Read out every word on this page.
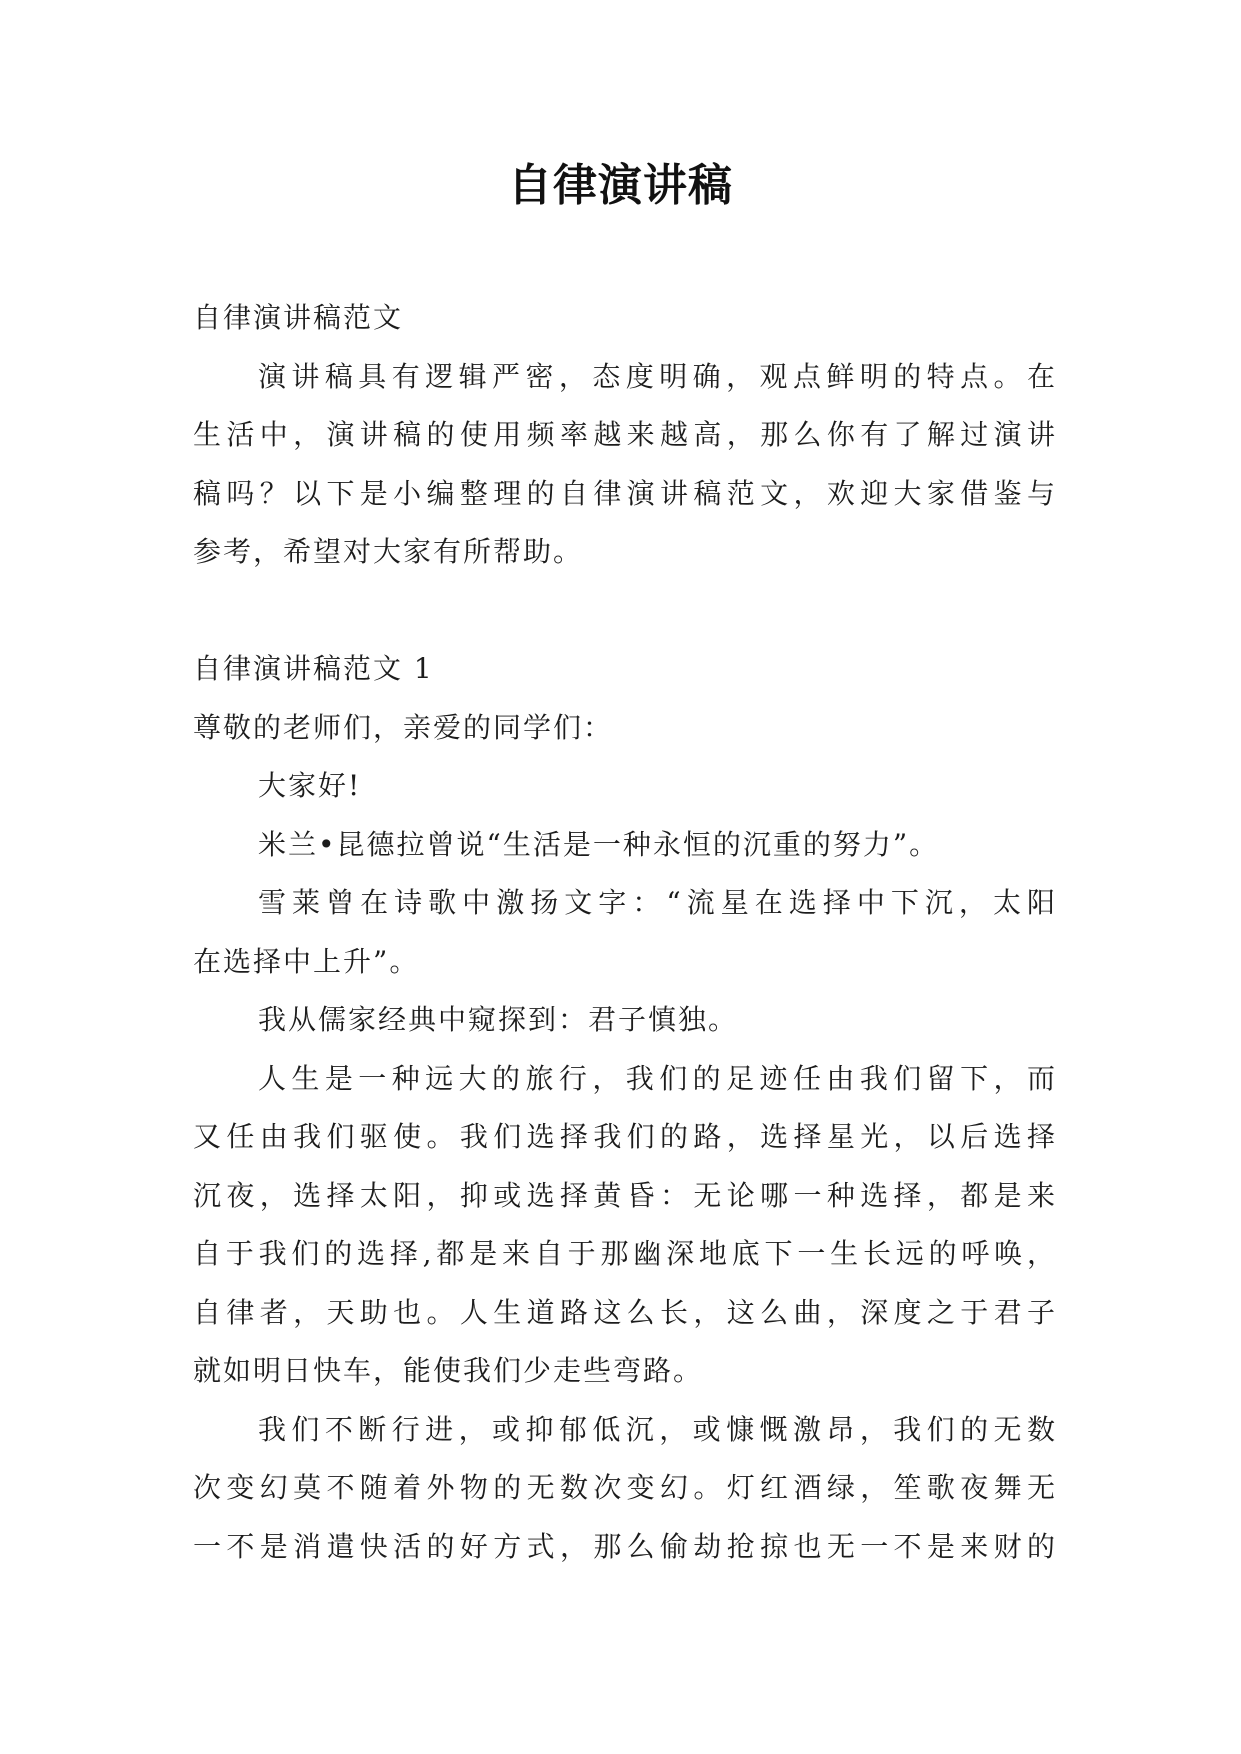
自律演讲稿
自律演讲稿范文
演讲稿具有逻辑严密，态度明确，观点鲜明的特点。在
生活中，演讲稿的使用频率越来越高，那么你有了解过演讲
稿吗？以下是小编整理的自律演讲稿范文，欢迎大家借鉴与
参考，希望对大家有所帮助。
自律演讲稿范文 1
尊敬的老师们，亲爱的同学们：
大家好!
米兰•昆德拉曾说“生活是一种永恒的沉重的努力”。
雪莱曾在诗歌中激扬文字：“流星在选择中下沉，太阳
在选择中上升”。
我从儒家经典中窥探到：君子慎独。
人生是一种远大的旅行，我们的足迹任由我们留下，而
又任由我们驱使。我们选择我们的路，选择星光，以后选择
沉夜，选择太阳，抑或选择黄昏：无论哪一种选择，都是来
自于我们的选择,都是来自于那幽深地底下一生长远的呼唤，
自律者，天助也。人生道路这么长，这么曲，深度之于君子
就如明日快车，能使我们少走些弯路。
我们不断行进，或抑郁低沉，或慷慨激昂，我们的无数
次变幻莫不随着外物的无数次变幻。灯红酒绿，笙歌夜舞无
一不是消遣快活的好方式，那么偷劫抢掠也无一不是来财的
